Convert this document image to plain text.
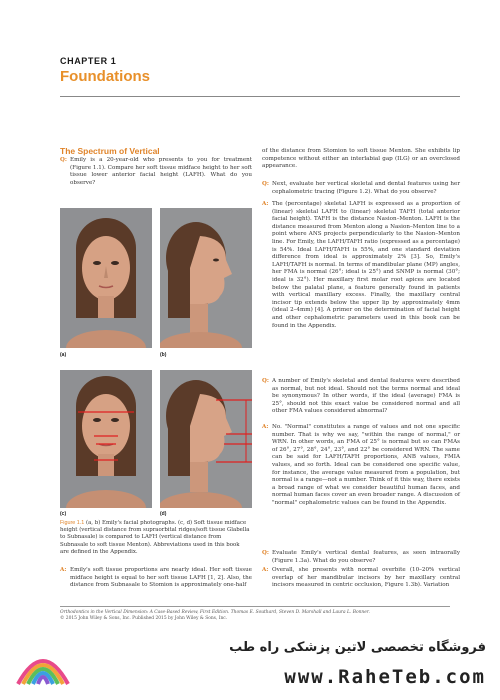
CHAPTER 1
Foundations
The Spectrum of Vertical
Q: Emily is a 20-year-old who presents to you for treatment (Figure 1.1). Compare her soft tissue midface height to her soft tissue lower anterior facial height (LAFH). What do you observe?
(a)	(b)
(c)	(d)
Figure 1.1 (a, b) Emily's facial photographs. (c, d) Soft tissue midface height (vertical distance from supraorbital ridges/soft tissue Glabella to Subnasale) is compared to LAFH (vertical distance from Subnasale to soft tissue Menton). Abbreviations used in this book are defined in the Appendix.
A: Emily's soft tissue proportions are nearly ideal. Her soft tissue midface height is equal to her soft tissue LAFH [1, 2]. Also, the distance from Subnasale to Stomion is approximately one-half
of the distance from Stomion to soft tissue Menton. She exhibits lip competence without either an interlabial gap (ILG) or an overclosed appearance.
Q: Next, evaluate her vertical skeletal and dental features using her cephalometric tracing (Figure 1.2). What do you observe?
A: The (percentage) skeletal LAFH is expressed as a proportion of (linear) skeletal LAFH to (linear) skeletal TAFH (total anterior facial height). TAFH is the distance Nasion–Menton. LAFH is the distance measured from Menton along a Nasion–Menton line to a point where ANS projects perpendicularly to the Nasion–Menton line. For Emily, the LAFH/TAFH ratio (expressed as a percentage) is 54%. Ideal LAFH/TAFH is 55%, and one standard deviation difference from ideal is approximately 2% [3]. So, Emily's LAFH/TAFH is normal. In terms of mandibular plane (MP) angles, her FMA is normal (26°; ideal is 25°) and SNMP is normal (30°; ideal is 32°). Her maxillary first molar root apices are located below the palatal plane, a feature generally found in patients with vertical maxillary excess. Finally, the maxillary central incisor tip extends below the upper lip by approximately 4mm (ideal 2–4mm) [4]. A primer on the determination of facial height and other cephalometric parameters used in this book can be found in the Appendix.
Q: A number of Emily's skeletal and dental features were described as normal, but not ideal. Should not the terms normal and ideal be synonymous? In other words, if the ideal (average) FMA is 25°, should not this exact value be considered normal and all other FMA values considered abnormal?
A: No. "Normal" constitutes a range of values and not one specific number. That is why we say, "within the range of normal," or WRN. In other words, an FMA of 25° is normal but so can FMAs of 26°, 27°, 28°, 24°, 23°, and 22° be considered WRN. The same can be said for LAFH/TAFH proportions, ANB values, FMIA values, and so forth. Ideal can be considered one specific value, for instance, the average value measured from a population, but normal is a range—not a number. Think of it this way, there exists a broad range of what we consider beautiful human faces, and normal human faces cover an even broader range. A discussion of "normal" cephalometric values can be found in the Appendix.
Q: Evaluate Emily's vertical dental features, as seen intraorally (Figure 1.3a). What do you observe?
A: Overall, she presents with normal overbite (10–20% vertical overlap of her mandibular incisors by her maxillary central incisors measured in centric occlusion, Figure 1.3b). Variation
Orthodontics in the Vertical Dimension: A Case-Based Review, First Edition. Thomas E. Southard, Steven D. Marshall and Laura L. Bonner.
© 2015 John Wiley & Sons, Inc. Published 2015 by John Wiley & Sons, Inc.
فروشگاه تخصصی لاتین پزشکی راه طب
www.RaheTeb.com
